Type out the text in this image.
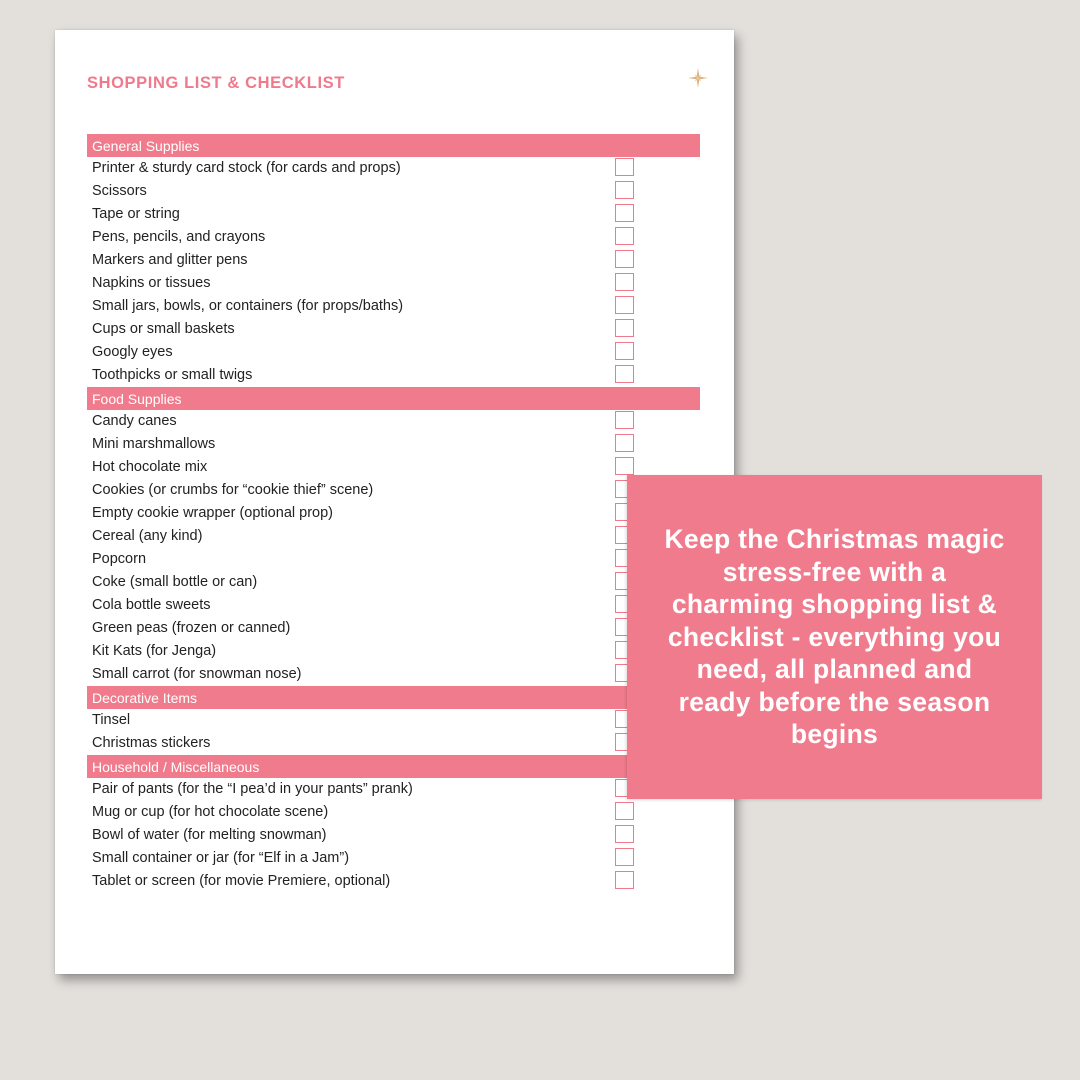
SHOPPING LIST & CHECKLIST
General Supplies
Printer & sturdy card stock (for cards and props)
Scissors
Tape or string
Pens, pencils, and crayons
Markers and glitter pens
Napkins or tissues
Small jars, bowls, or containers (for props/baths)
Cups or small baskets
Googly eyes
Toothpicks or small twigs
Food Supplies
Candy canes
Mini marshmallows
Hot chocolate mix
Cookies (or crumbs for “cookie thief” scene)
Empty cookie wrapper (optional prop)
Cereal (any kind)
Popcorn
Coke (small bottle or can)
Cola bottle sweets
Green peas (frozen or canned)
Kit Kats (for Jenga)
Small carrot (for snowman nose)
Decorative Items
Tinsel
Christmas stickers
Household / Miscellaneous
Pair of pants (for the “I pea’d in your pants” prank)
Mug or cup (for hot chocolate scene)
Bowl of water (for melting snowman)
Small container or jar (for “Elf in a Jam”)
Tablet or screen (for movie Premiere, optional)
Keep the Christmas magic stress-free with a charming shopping list & checklist - everything you need, all planned and ready before the season begins
